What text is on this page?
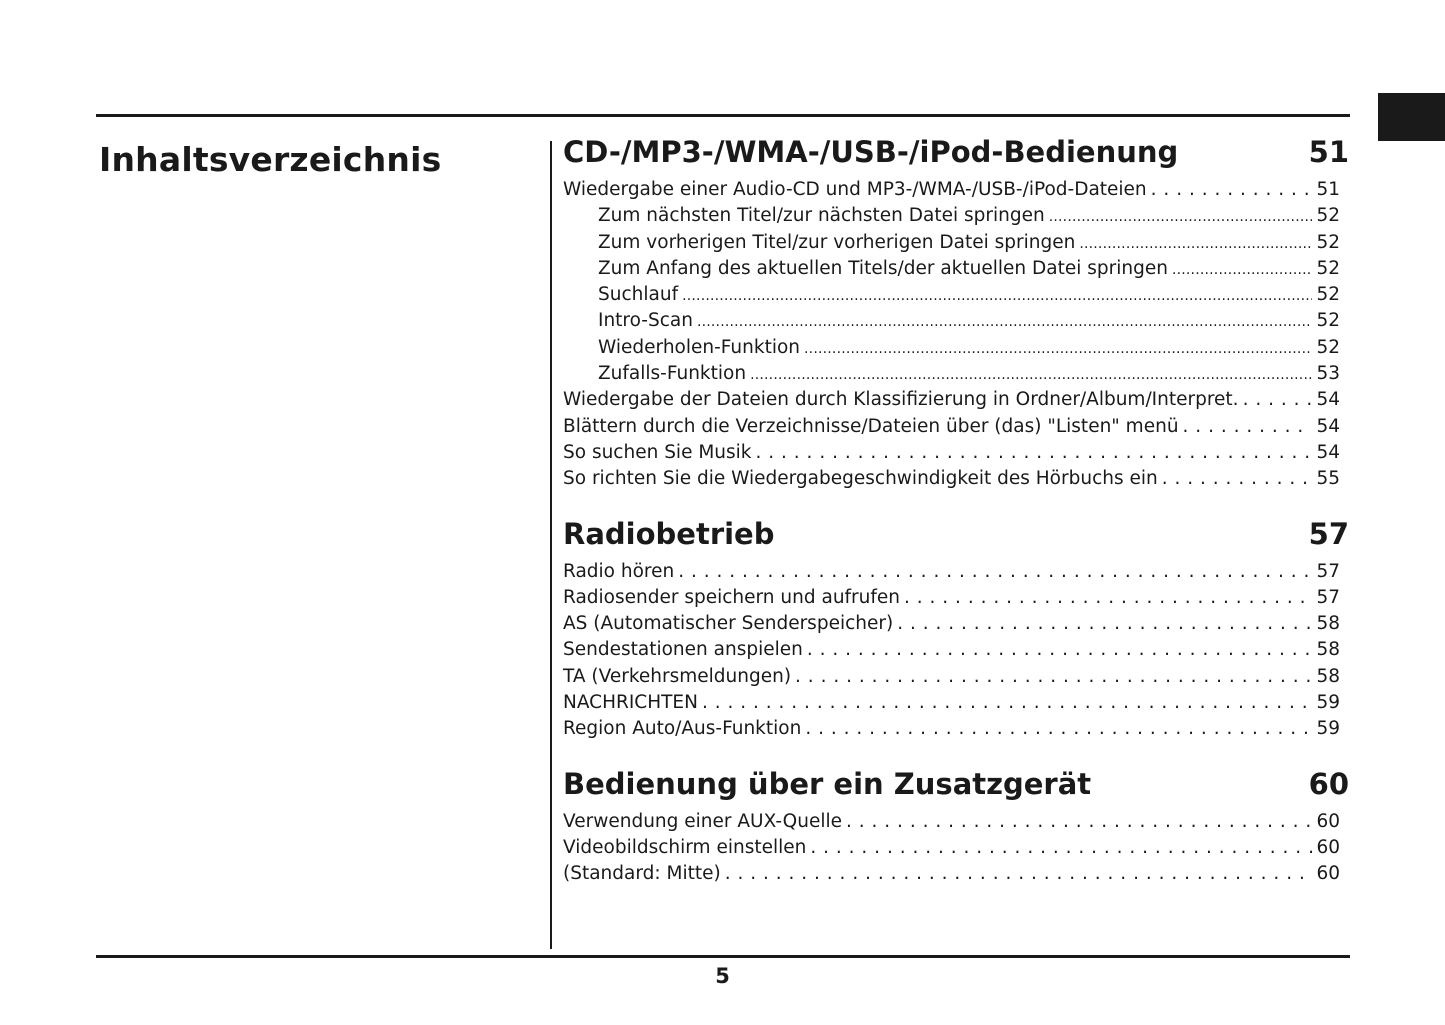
Inhaltsverzeichnis	CD-/MP3-/WMA-/USB-/iPod-Bedienung	51
Wiedergabe einer Audio-CD und MP3-/WMA-/USB-/iPod-Dateien . . .	51
Zum nächsten Titel/zur nächsten Datei springen .....	52
Zum vorherigen Titel/zur vorherigen Datei springen .....	52
Zum Anfang des aktuellen Titels/der aktuellen Datei springen .....	52
Suchlauf .....	52
Intro-Scan .....	52
Wiederholen-Funktion .....	52
Zufalls-Funktion .....	53
Wiedergabe der Dateien durch Klassifizierung in Ordner/Album/Interpret. . . .	54
Blättern durch die Verzeichnisse/Dateien über (das) "Listen" menü . . .	54
So suchen Sie Musik . . .	54
So richten Sie die Wiedergabegeschwindigkeit des Hörbuchs ein . . .	55
Radiobetrieb	57
Radio hören . . .	57
Radiosender speichern und aufrufen . . .	57
AS (Automatischer Senderspeicher) . . .	58
Sendestationen anspielen . . .	58
TA (Verkehrsmeldungen) . . .	58
NACHRICHTEN . . .	59
Region Auto/Aus-Funktion . . .	59
Bedienung über ein Zusatzgerät	60
Verwendung einer AUX-Quelle . . .	60
Videobildschirm einstellen . . .	60
(Standard: Mitte) . . .	60
5
